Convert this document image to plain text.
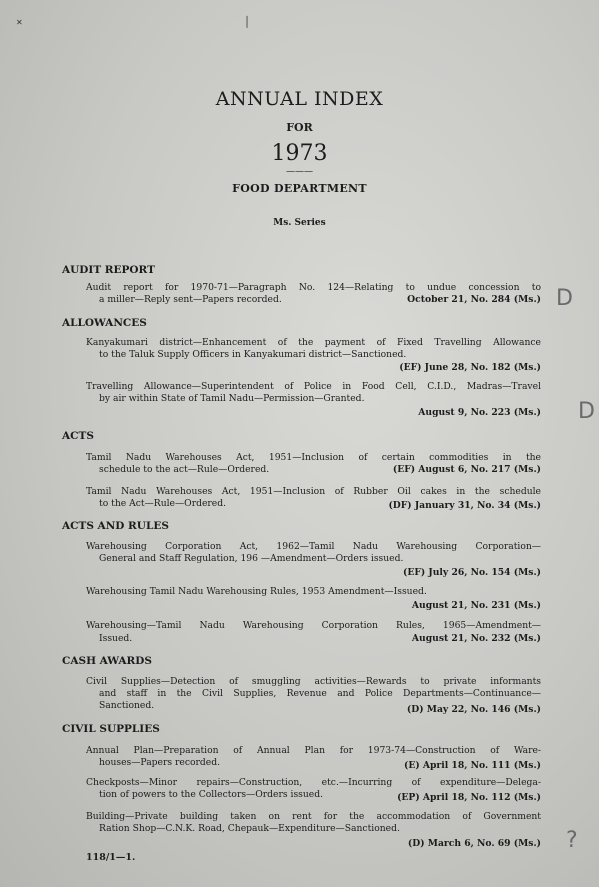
❘
✕
ANNUAL INDEX
FOR
1973
———
FOOD DEPARTMENT
Ms. Series
AUDIT REPORT
Audit report for 1970-71—Paragraph No. 124—Relating to undue concession to
a miller—Reply sent—Papers recorded.	October 21, No. 284 (Ms.) D
ALLOWANCES
Kanyakumari district—Enhancement of the payment of Fixed Travelling Allowance
to the Taluk Supply Officers in Kanyakumari district—Sanctioned.
(EF) June 28, No. 182 (Ms.)
Travelling Allowance—Superintendent of Police in Food Cell, C.I.D., Madras—Travel
by air within State of Tamil Nadu—Permission—Granted.
August 9, No. 223 (Ms.) D
ACTS
Tamil Nadu Warehouses Act, 1951—Inclusion of certain commodities in the
schedule to the act—Rule—Ordered.	(EF) August 6, No. 217 (Ms.)
Tamil Nadu Warehouses Act, 1951—Inclusion of Rubber Oil cakes in the schedule
to the Act—Rule—Ordered.	(DF) January 31, No. 34 (Ms.)
ACTS AND RULES
Warehousing Corporation Act, 1962—Tamil Nadu Warehousing Corporation—
General and Staff Regulation, 196 —Amendment—Orders issued.
(EF) July 26, No. 154 (Ms.)
Warehousing Tamil Nadu Warehousing Rules, 1953 Amendment—Issued.
August 21, No. 231 (Ms.)
Warehousing—Tamil Nadu Warehousing Corporation Rules, 1965—Amendment—
Issued.	August 21, No. 232 (Ms.)
CASH AWARDS
Civil Supplies—Detection of smuggling activities—Rewards to private informants
and staff in the Civil Supplies, Revenue and Police Departments—Continuance—
Sanctioned.	(D) May 22, No. 146 (Ms.)
CIVIL SUPPLIES
Annual Plan—Preparation of Annual Plan for 1973-74—Construction of Ware-
houses—Papers recorded.	(E) April 18, No. 111 (Ms.)
Checkposts—Minor repairs—Construction, etc.—Incurring of expenditure—Delega-
tion of powers to the Collectors—Orders issued.	(EP) April 18, No. 112 (Ms.)
Building—Private building taken on rent for the accommodation of Government
Ration Shop—C.N.K. Road, Chepauk—Expenditure—Sanctioned.
(D) March 6, No. 69 (Ms.) ?
118/1—1.
